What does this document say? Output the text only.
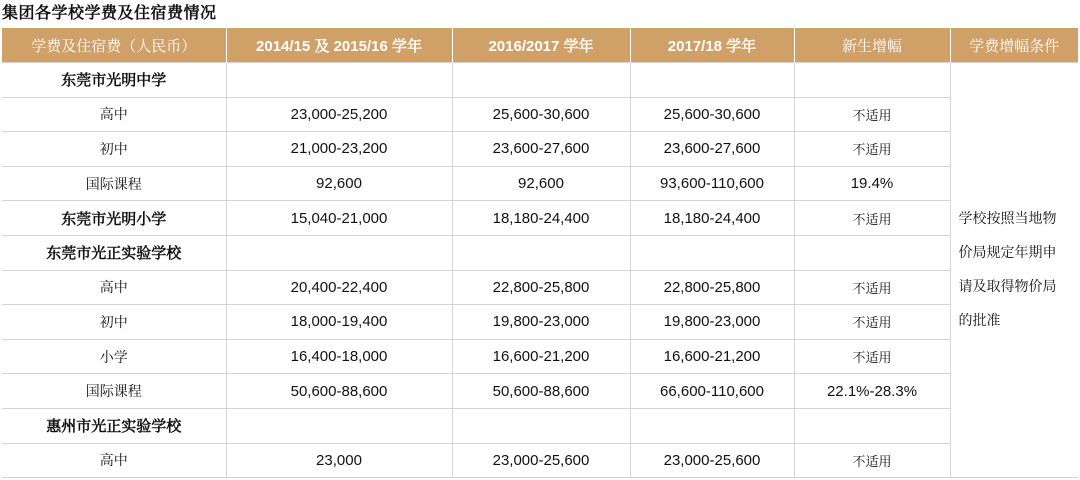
集团各学校学费及住宿费情况
学费及住宿费（人民币）	2014/15 及 2015/16 学年	2016/2017 学年	2017/18 学年	新生增幅	学费增幅条件
东莞市光明中学					学校按照当地物价局规定年期申请及取得物价局的批准
高中	23,000-25,200	25,600-30,600	25,600-30,600	不适用	
初中	21,000-23,200	23,600-27,600	23,600-27,600	不适用	
国际课程	92,600	92,600	93,600-110,600	19.4%	
东莞市光明小学	15,040-21,000	18,180-24,400	18,180-24,400	不适用	
东莞市光正实验学校					
高中	20,400-22,400	22,800-25,800	22,800-25,800	不适用	
初中	18,000-19,400	19,800-23,000	19,800-23,000	不适用	
小学	16,400-18,000	16,600-21,200	16,600-21,200	不适用	
国际课程	50,600-88,600	50,600-88,600	66,600-110,600	22.1%-28.3%	
惠州市光正实验学校					
高中	23,000	23,000-25,600	23,000-25,600	不适用	
